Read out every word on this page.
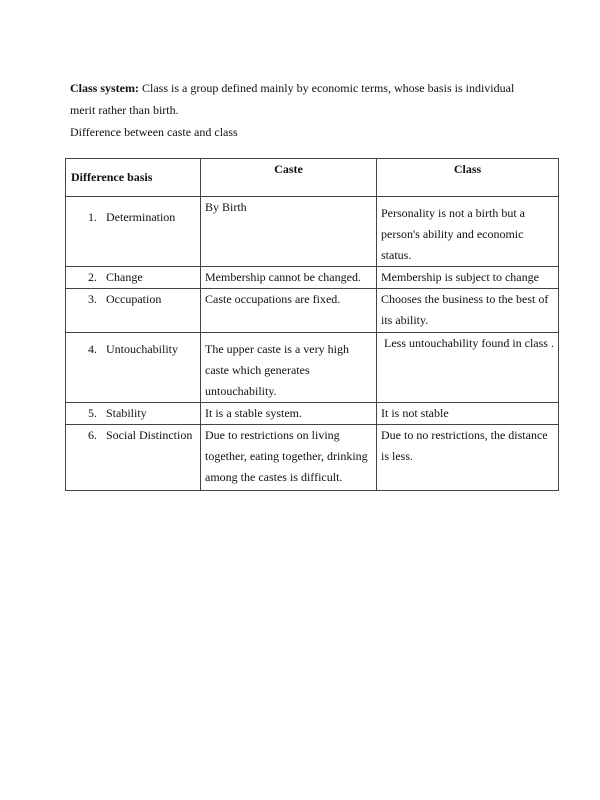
Class system: Class is a group defined mainly by economic terms, whose basis is individual
merit rather than birth.
Difference between caste and class
Difference basis	Caste	Class
1. Determination	By Birth	Personality is not a birth but a person's ability and economic status.
2. Change	Membership cannot be changed.	Membership is subject to change
3. Occupation	Caste occupations are fixed.	Chooses the business to the best of its ability.
4. Untouchability	The upper caste is a very high caste which generates untouchability.	Less untouchability found in class .
5. Stability	It is a stable system.	It is not stable
6. Social Distinction	Due to restrictions on living together, eating together, drinking among the castes is difficult.	Due to no restrictions, the distance is less.
